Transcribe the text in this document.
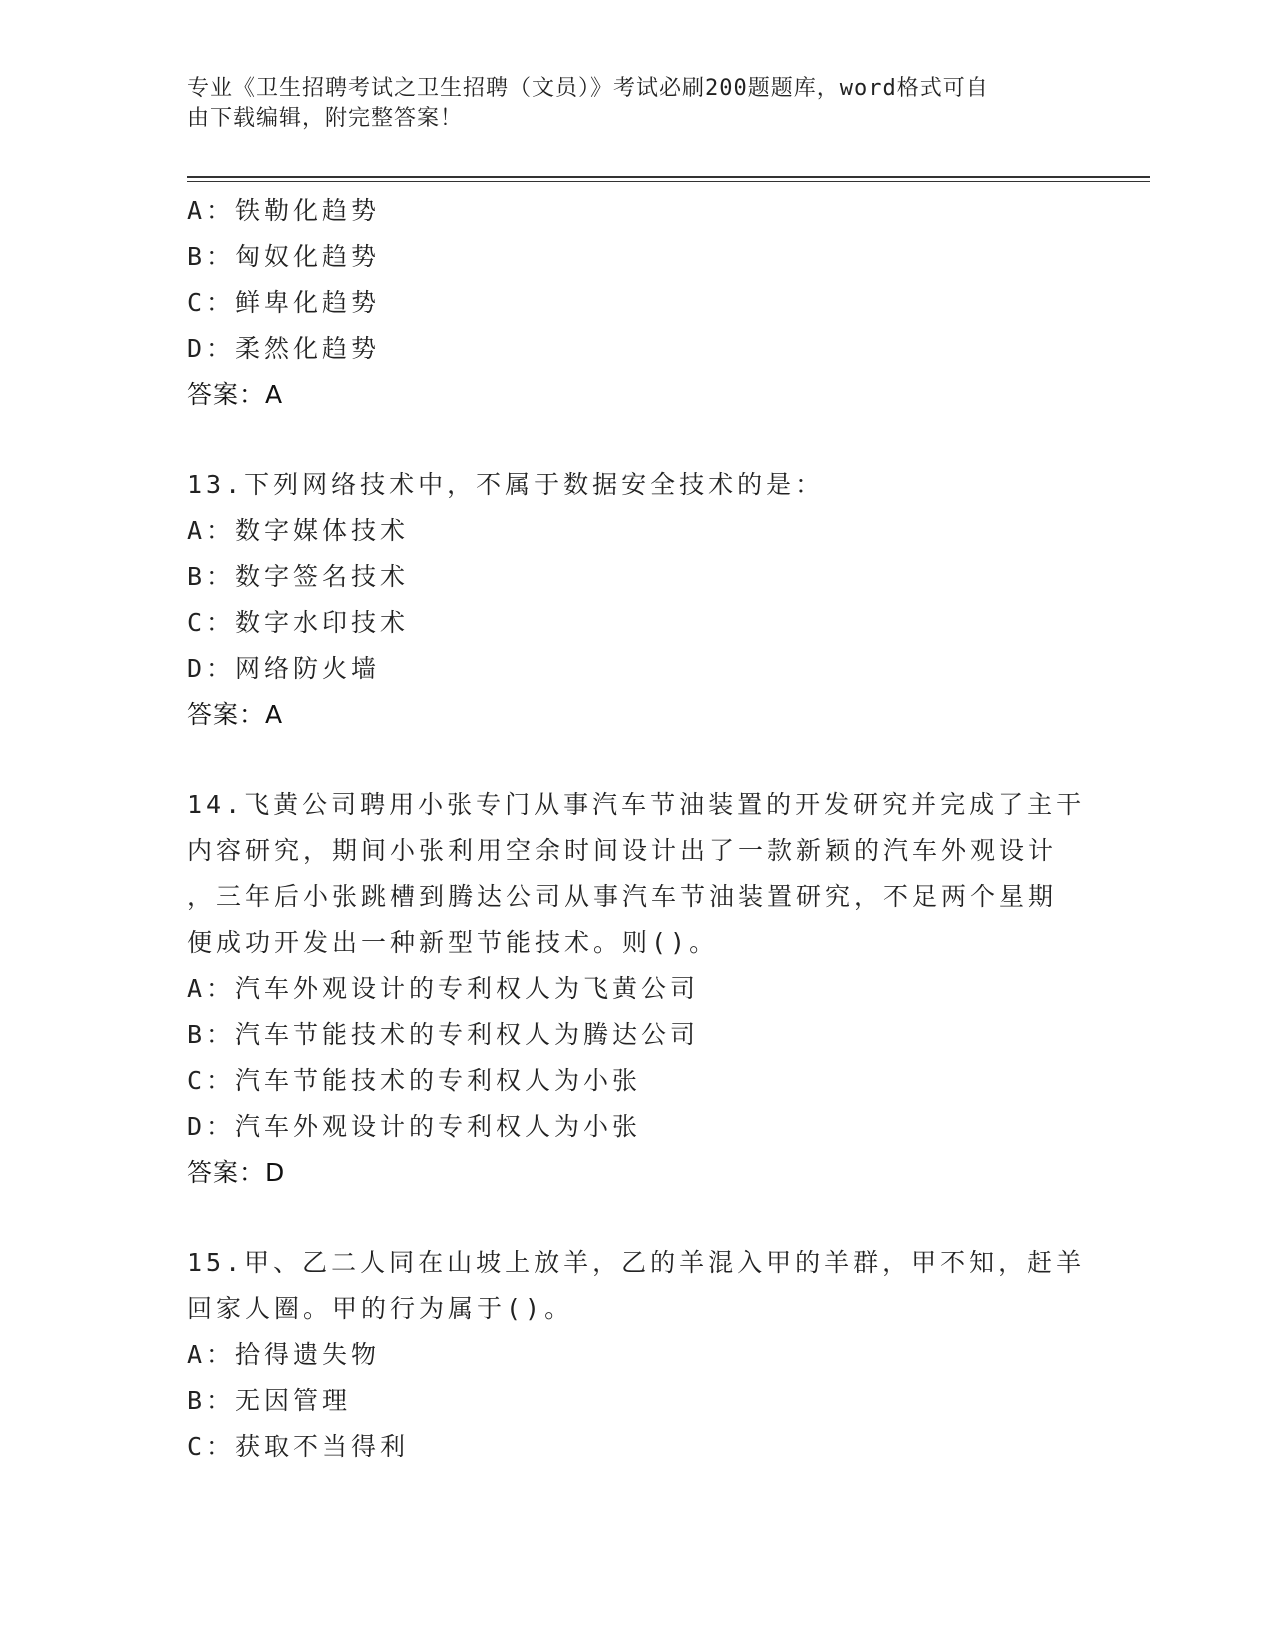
专业《卫生招聘考试之卫生招聘（文员）》考试必刷200题题库，word格式可自
由下载编辑，附完整答案！
A：铁勒化趋势
B：匈奴化趋势
C：鲜卑化趋势
D：柔然化趋势
答案：A
13.下列网络技术中，不属于数据安全技术的是：
A：数字媒体技术
B：数字签名技术
C：数字水印技术
D：网络防火墙
答案：A
14.飞黄公司聘用小张专门从事汽车节油装置的开发研究并完成了主干
内容研究，期间小张利用空余时间设计出了一款新颖的汽车外观设计
，三年后小张跳槽到腾达公司从事汽车节油装置研究，不足两个星期
便成功开发出一种新型节能技术。则()。
A：汽车外观设计的专利权人为飞黄公司
B：汽车节能技术的专利权人为腾达公司
C：汽车节能技术的专利权人为小张
D：汽车外观设计的专利权人为小张
答案：D
15.甲、乙二人同在山坡上放羊，乙的羊混入甲的羊群，甲不知，赶羊
回家人圈。甲的行为属于()。
A：拾得遗失物
B：无因管理
C：获取不当得利
